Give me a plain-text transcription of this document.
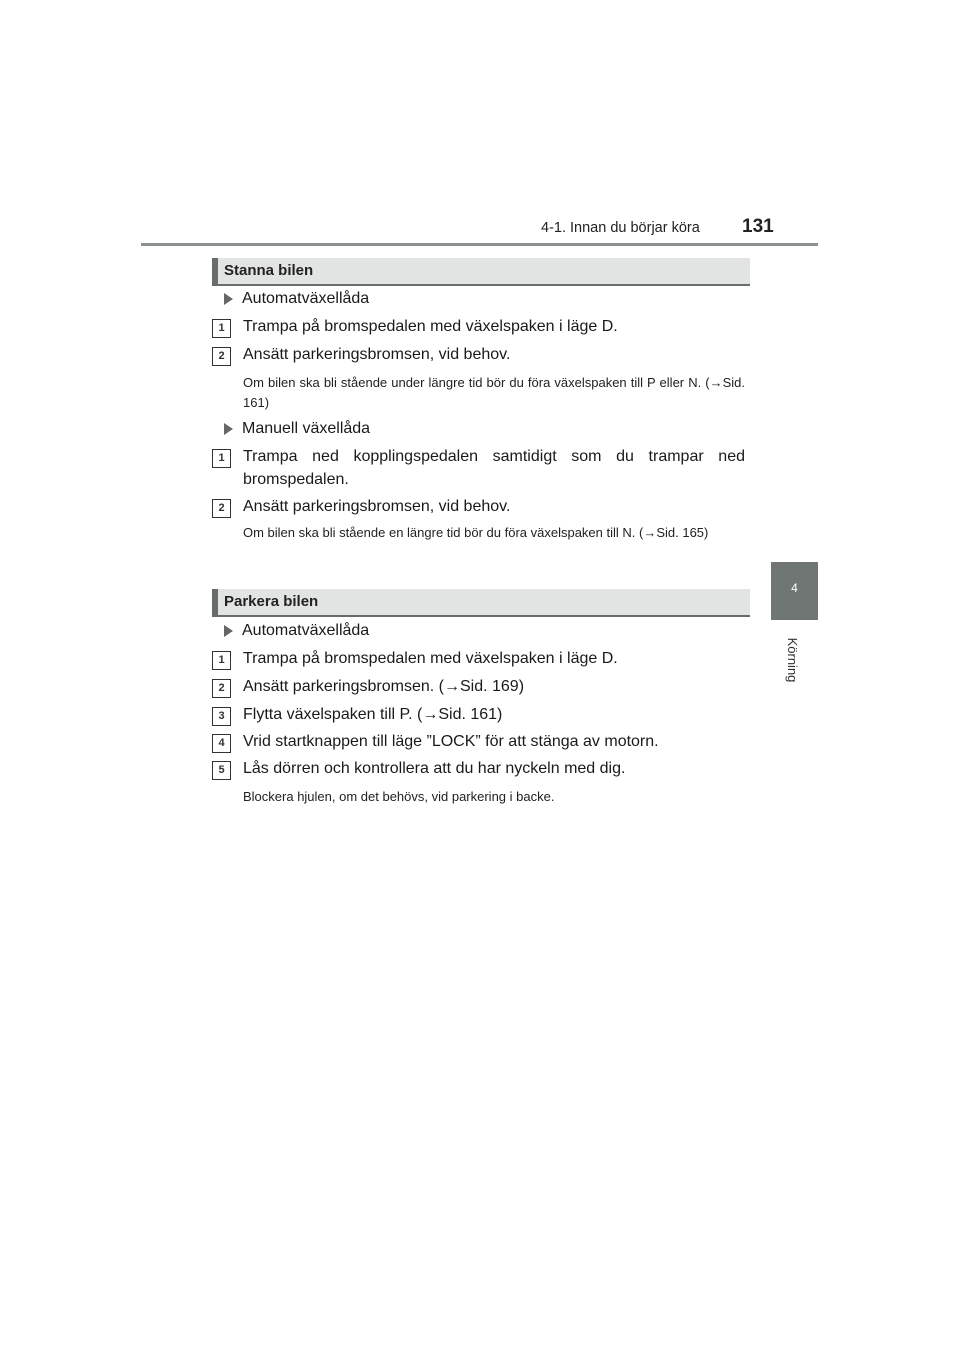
4-1. Innan du börjar köra 131
4
Körning
Stanna bilen
Automatväxellåda
1	Trampa på bromspedalen med växelspaken i läge D.
2	Ansätt parkeringsbromsen, vid behov.
Om bilen ska bli stående under längre tid bör du föra växelspaken till P eller N. (→Sid. 161)
Manuell växellåda
1	Trampa ned kopplingspedalen samtidigt som du trampar ned bromspedalen.
2	Ansätt parkeringsbromsen, vid behov.
Om bilen ska bli stående en längre tid bör du föra växelspaken till N. (→Sid. 165)
Parkera bilen
Automatväxellåda
1	Trampa på bromspedalen med växelspaken i läge D.
2	Ansätt parkeringsbromsen. (→Sid. 169)
3	Flytta växelspaken till P. (→Sid. 161)
4	Vrid startknappen till läge ”LOCK” för att stänga av motorn.
5	Lås dörren och kontrollera att du har nyckeln med dig.
Blockera hjulen, om det behövs, vid parkering i backe.
